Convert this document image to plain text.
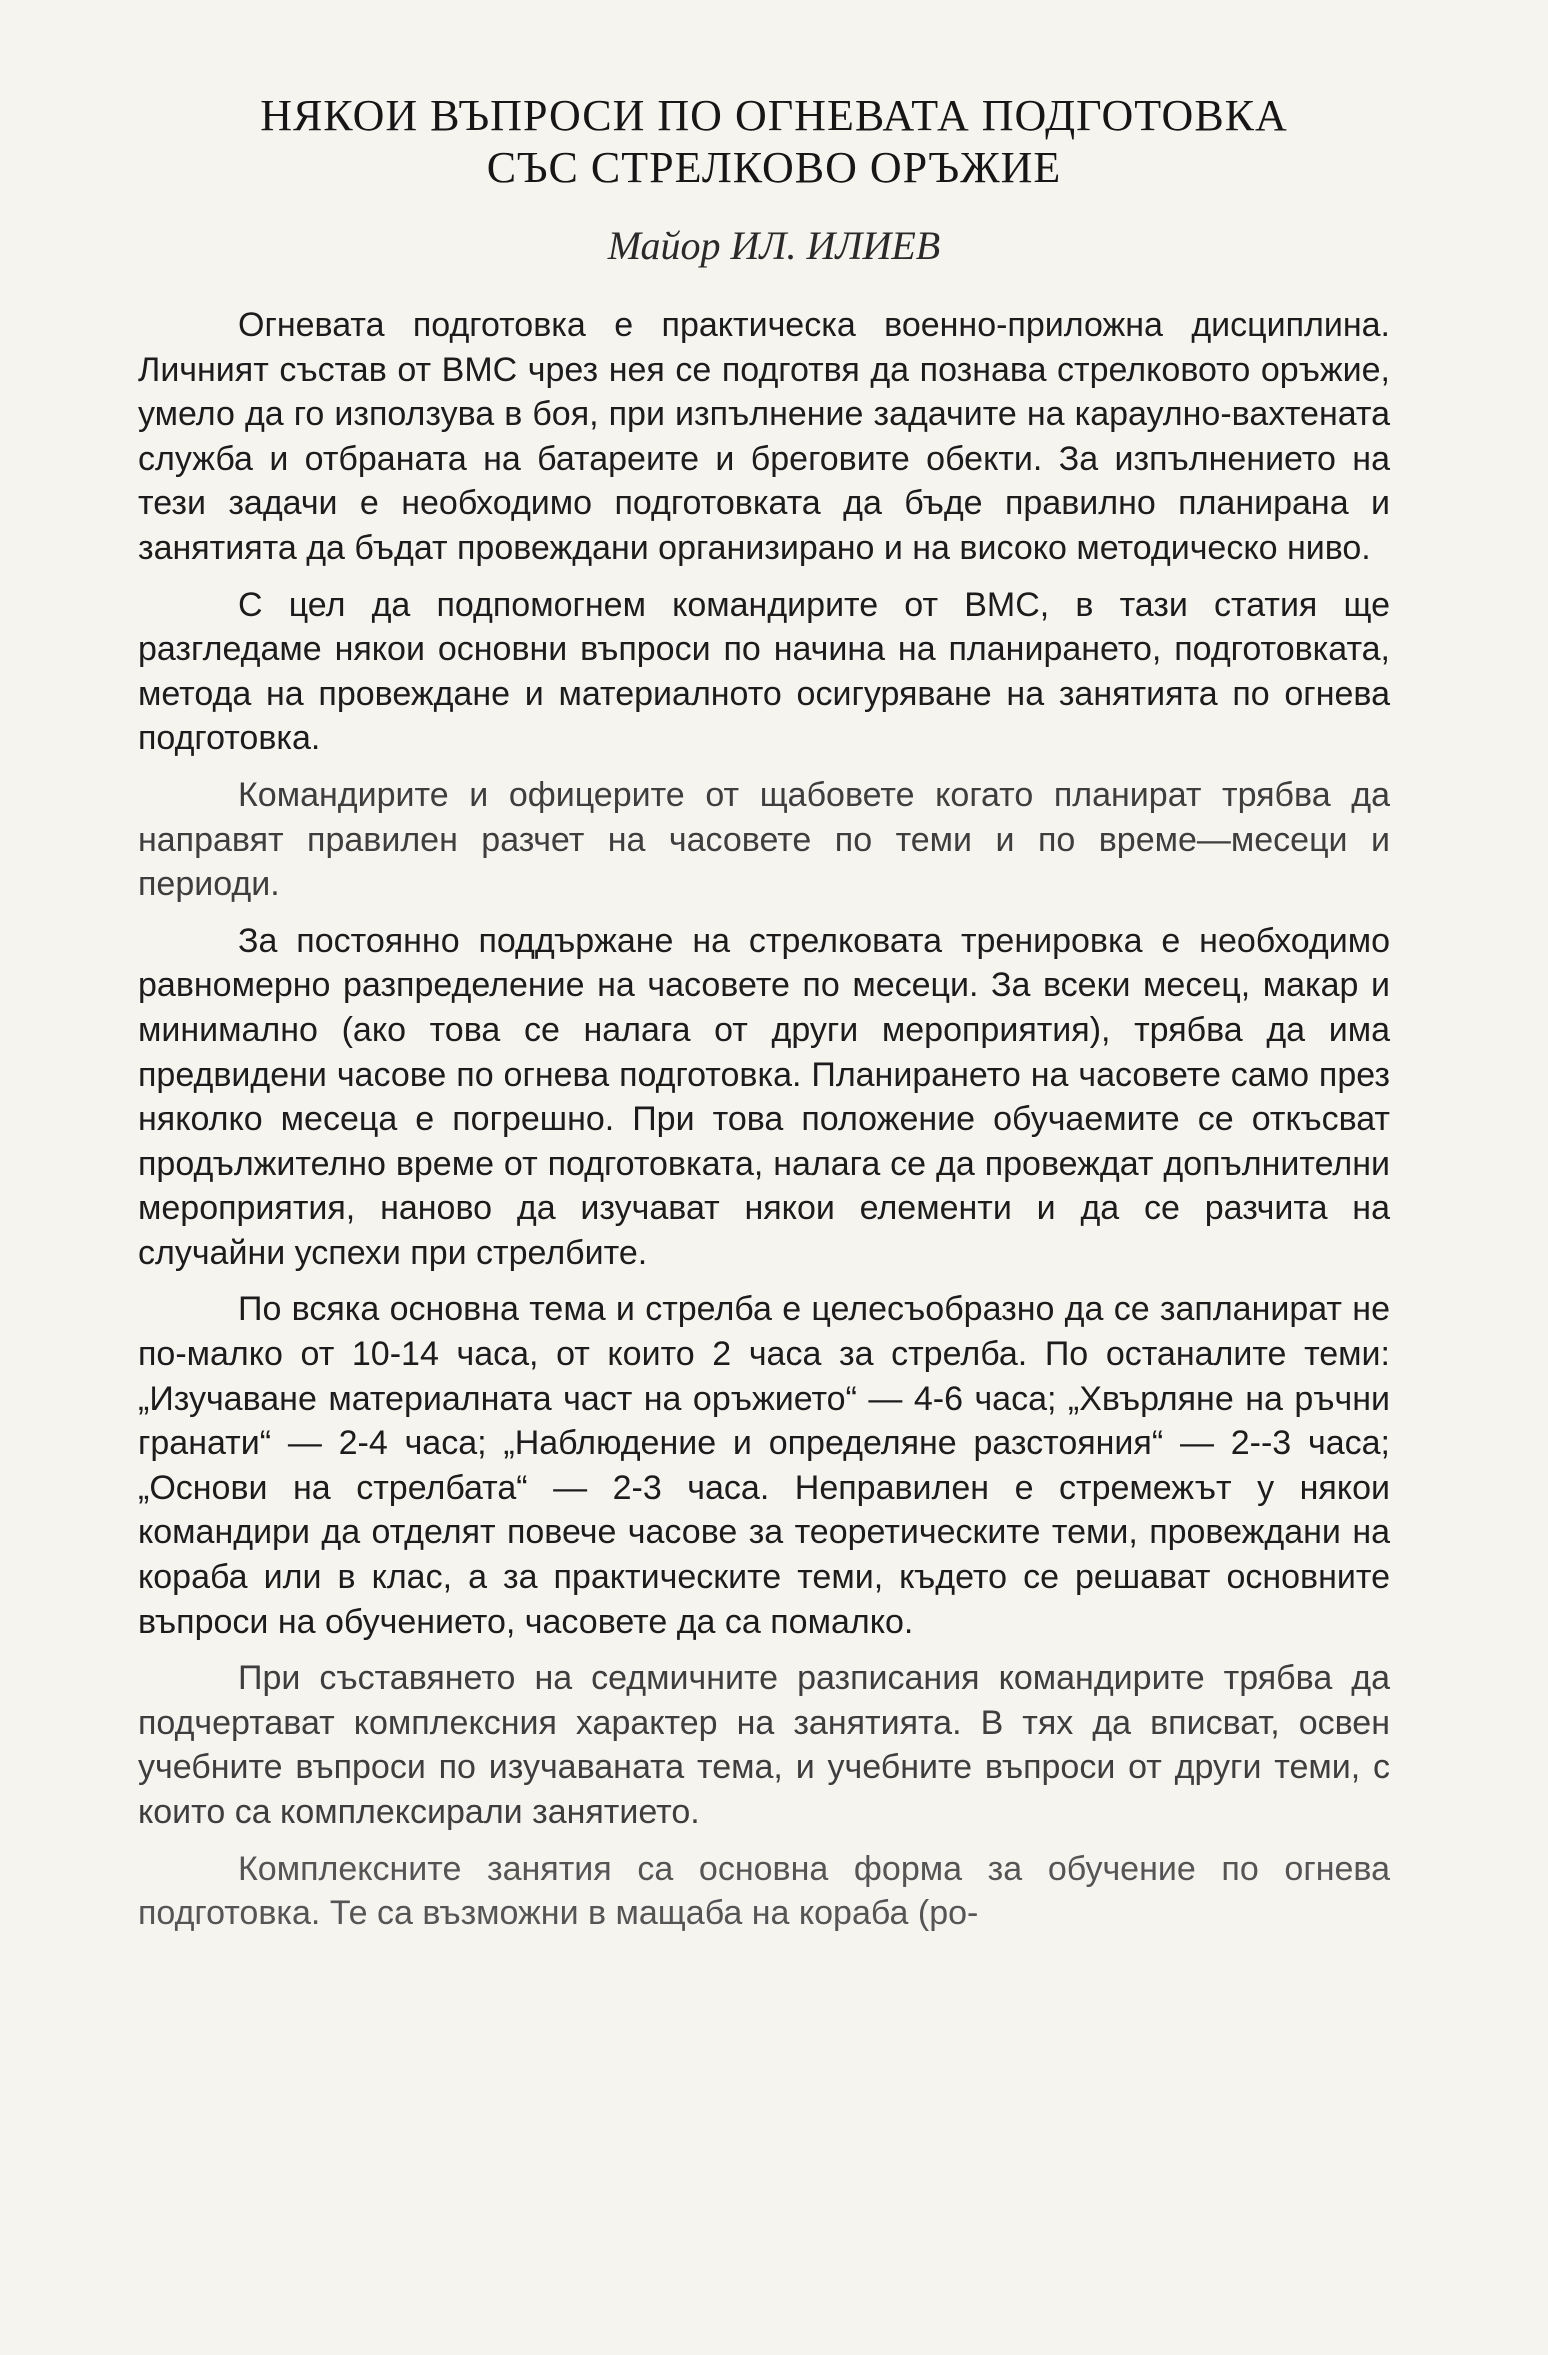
НЯКОИ ВЪПРОСИ ПО ОГНЕВАТА ПОДГОТОВКА
СЪС СТРЕЛКОВО ОРЪЖИЕ
Майор ИЛ. ИЛИЕВ

Огневата подготовка е практическа военно-приложна дисциплина. Личният състав от ВМС чрез нея се подготвя да познава стрелковото оръжие, умело да го използува в боя, при изпълнение задачите на караулно-вахтената служба и отбраната на батареите и бреговите обекти. За изпълнението на тези задачи е необходимо подготовката да бъде правилно планирана и занятията да бъдат провеждани организирано и на високо методическо ниво.

С цел да подпомогнем командирите от ВМС, в тази статия ще разгледаме някои основни въпроси по начина на планирането, подготовката, метода на провеждане и материалното осигуряване на занятията по огнева подготовка.

Командирите и офицерите от щабовете когато планират трябва да направят правилен разчет на часовете по теми и по време—месеци и периоди.

За постоянно поддържане на стрелковата тренировка е необходимо равномерно разпределение на часовете по месеци. За всеки месец, макар и минимално (ако това се налага от други мероприятия), трябва да има предвидени часове по огнева подготовка. Планирането на часовете само през няколко месеца е погрешно. При това положение обучаемите се откъсват продължително време от подготовката, налага се да провеждат допълнителни мероприятия, наново да изучават някои елементи и да се разчита на случайни успехи при стрелбите.

По всяка основна тема и стрелба е целесъобразно да се запланират не по-малко от 10-14 часа, от които 2 часа за стрелба. По останалите теми: „Изучаване материалната част на оръжието“ — 4-6 часа; „Хвърляне на ръчни гранати“ — 2-4 часа; „Наблюдение и определяне разстояния“ — 2--3 часа; „Основи на стрелбата“ — 2-3 часа. Неправилен е стремежът у някои командири да отделят повече часове за теоретическите теми, провеждани на кораба или в клас, а за практическите теми, където се решават основните въпроси на обучението, часовете да са помалко.

При съставянето на седмичните разписания командирите трябва да подчертават комплексния характер на занятията. В тях да вписват, освен учебните въпроси по изучаваната тема, и учебните въпроси от други теми, с които са комплексирали занятието.

Комплексните занятия са основна форма за обучение по огнева подготовка. Те са възможни в мащаба на кораба (ро-
